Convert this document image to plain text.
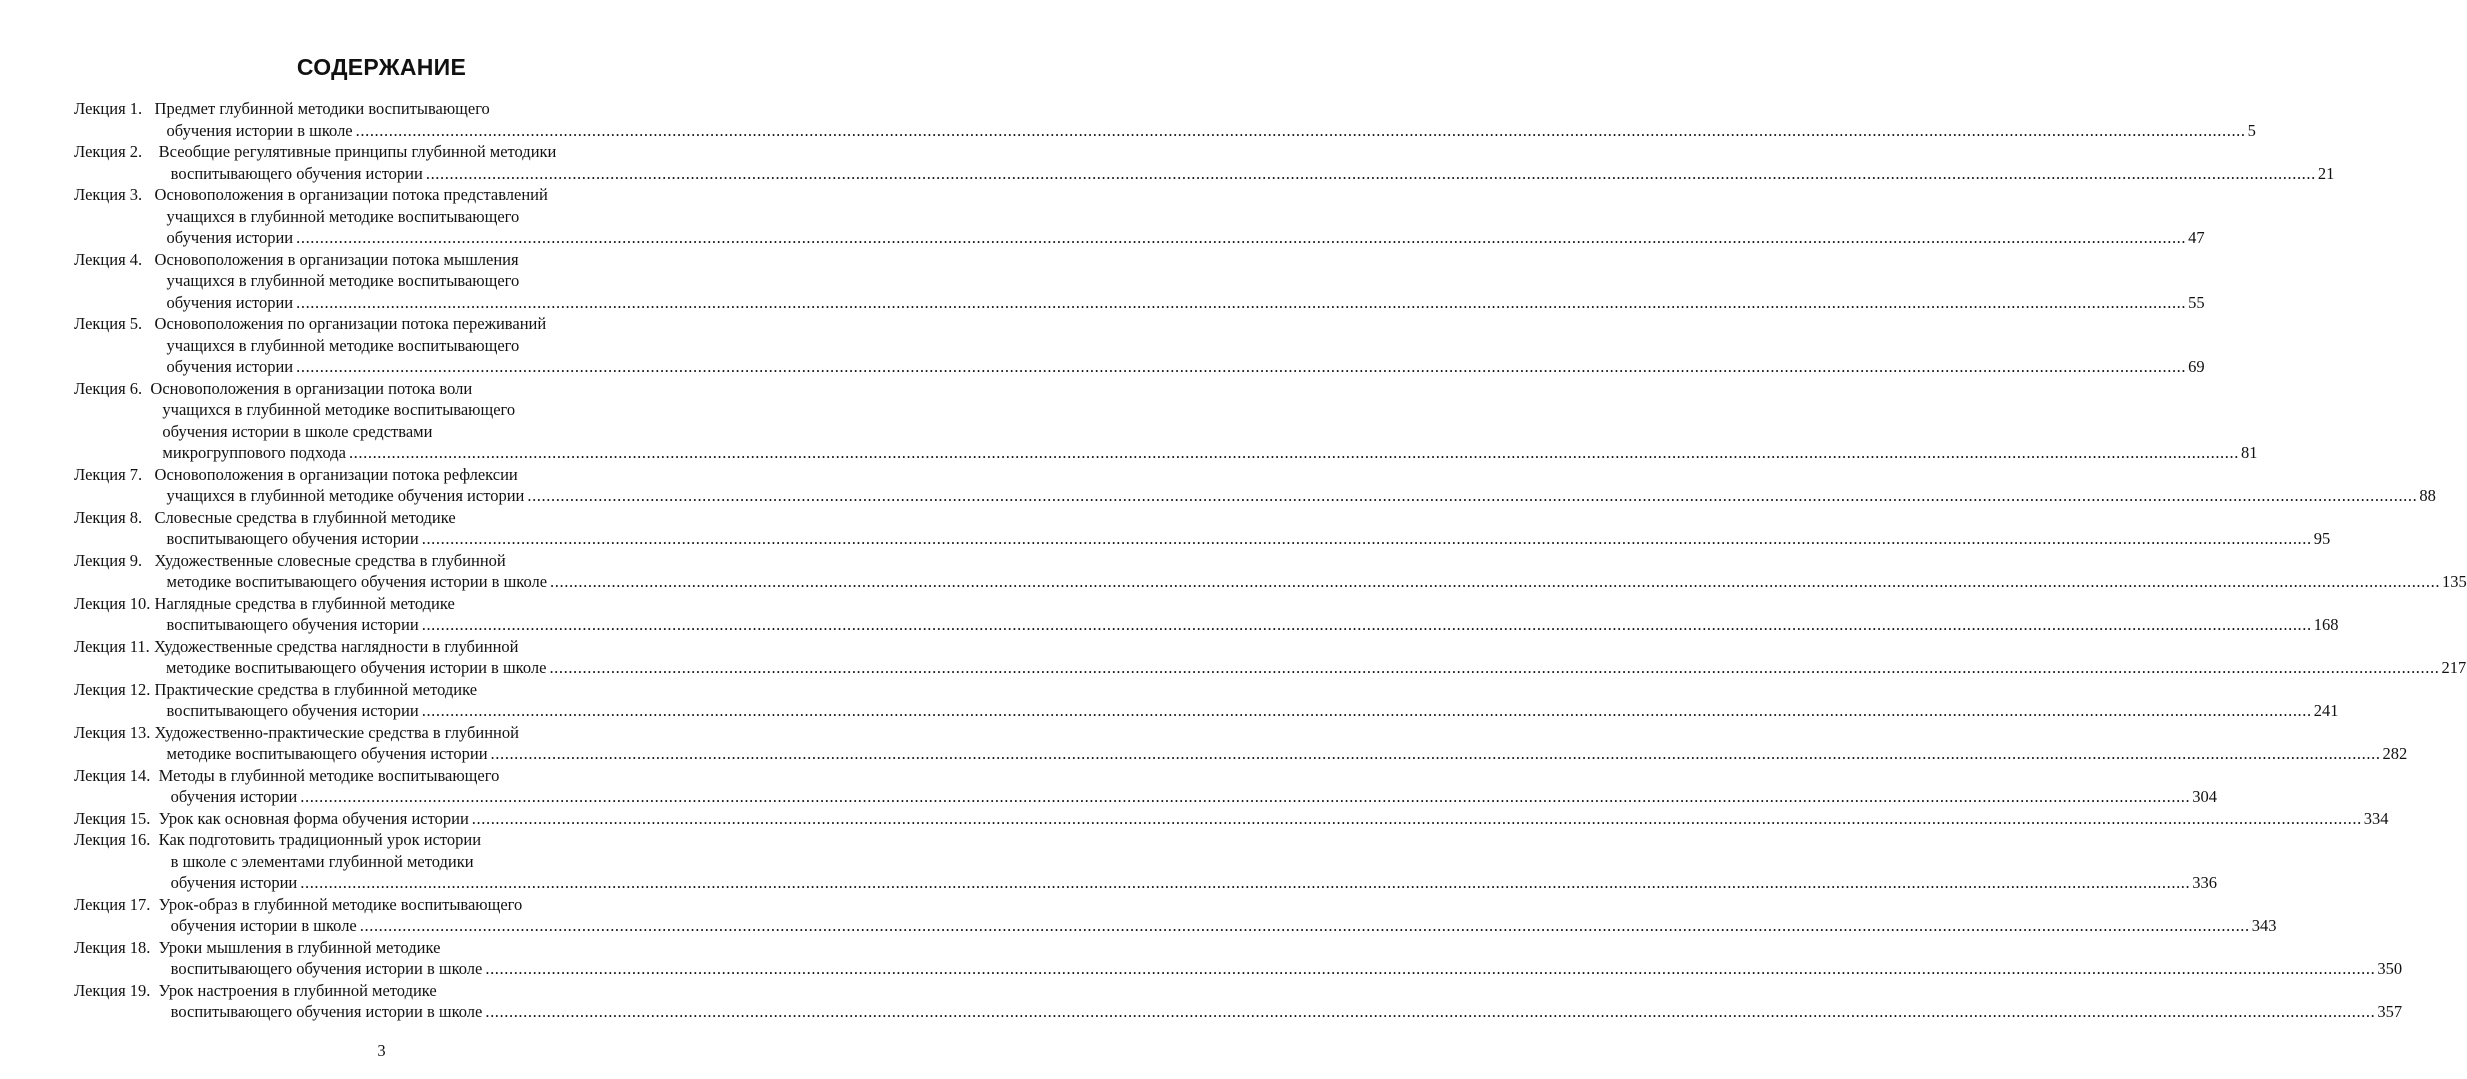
СОДЕРЖАНИЕ
Лекция 1. Предмет глубинной методики воспитывающего
обучения истории в школе ................................................................................................................................................................................................................................................................................................................................................................................................................ 5
Лекция 2. Всеобщие регулятивные принципы глубинной методики
воспитывающего обучения истории ................................................................................................................................................................................................................................................................................................................................................................................................................ 21
Лекция 3. Основоположения в организации потока представлений
учащихся в глубинной методике воспитывающего
обучения истории ................................................................................................................................................................................................................................................................................................................................................................................................................ 47
Лекция 4. Основоположения в организации потока мышления
учащихся в глубинной методике воспитывающего
обучения истории ................................................................................................................................................................................................................................................................................................................................................................................................................ 55
Лекция 5. Основоположения по организации потока переживаний
учащихся в глубинной методике воспитывающего
обучения истории ................................................................................................................................................................................................................................................................................................................................................................................................................ 69
Лекция 6. Основоположения в организации потока воли
учащихся в глубинной методике воспитывающего
обучения истории в школе средствами
микрогруппового подхода ................................................................................................................................................................................................................................................................................................................................................................................................................ 81
Лекция 7. Основоположения в организации потока рефлексии
учащихся в глубинной методике обучения истории ................................................................................................................................................................................................................................................................................................................................................................................................................ 88
Лекция 8. Словесные средства в глубинной методике
воспитывающего обучения истории ................................................................................................................................................................................................................................................................................................................................................................................................................ 95
Лекция 9. Художественные словесные средства в глубинной
методике воспитывающего обучения истории в школе ................................................................................................................................................................................................................................................................................................................................................................................................................ 135
Лекция 10. Наглядные средства в глубинной методике
воспитывающего обучения истории ................................................................................................................................................................................................................................................................................................................................................................................................................ 168
Лекция 11. Художественные средства наглядности в глубинной
методике воспитывающего обучения истории в школе ................................................................................................................................................................................................................................................................................................................................................................................................................ 217
Лекция 12. Практические средства в глубинной методике
воспитывающего обучения истории ................................................................................................................................................................................................................................................................................................................................................................................................................ 241
Лекция 13. Художественно-практические средства в глубинной
методике воспитывающего обучения истории ................................................................................................................................................................................................................................................................................................................................................................................................................ 282
Лекция 14. Методы в глубинной методике воспитывающего
обучения истории ................................................................................................................................................................................................................................................................................................................................................................................................................ 304
Лекция 15. Урок как основная форма обучения истории ................................................................................................................................................................................................................................................................................................................................................................................................................ 334
Лекция 16. Как подготовить традиционный урок истории
в школе с элементами глубинной методики
обучения истории ................................................................................................................................................................................................................................................................................................................................................................................................................ 336
Лекция 17. Урок-образ в глубинной методике воспитывающего
обучения истории в школе ................................................................................................................................................................................................................................................................................................................................................................................................................ 343
Лекция 18. Уроки мышления в глубинной методике
воспитывающего обучения истории в школе ................................................................................................................................................................................................................................................................................................................................................................................................................ 350
Лекция 19. Урок настроения в глубинной методике
воспитывающего обучения истории в школе ................................................................................................................................................................................................................................................................................................................................................................................................................ 357
3
